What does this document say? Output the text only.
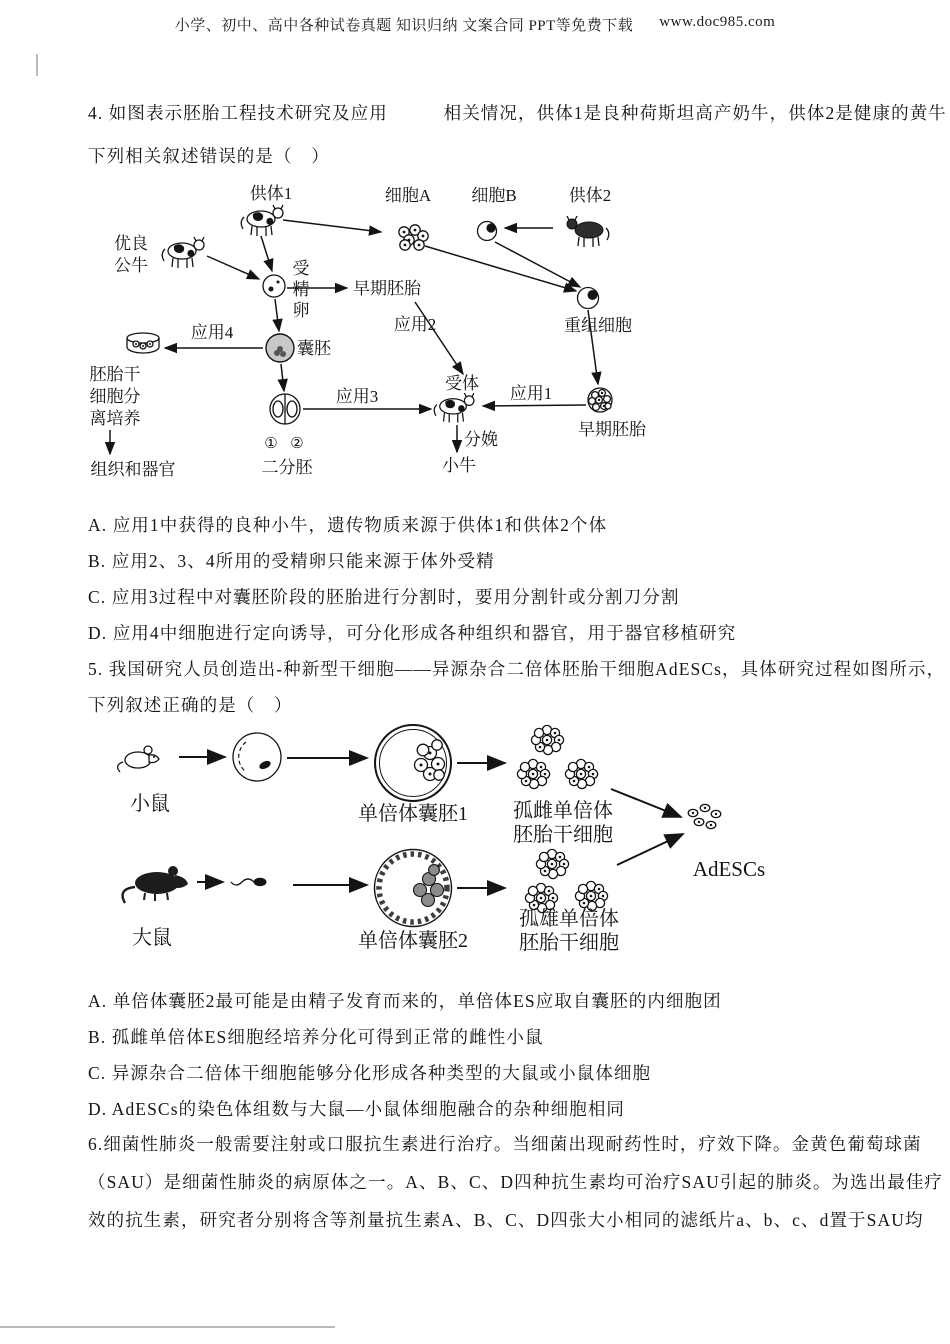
小学、初中、高中各种试卷真题 知识归纳 文案合同 PPT等免费下载 www.doc985.com
4. 如图表示胚胎工程技术研究及应用　　　相关情况，供体1是良种荷斯坦高产奶牛，供体2是健康的黄牛
下列相关叙述错误的是（　）
供体1	细胞A 细胞B	供体2
优良
公牛	受
精
卵
早期胚胎
应用2	重组细胞
应用4
囊胚
胚胎干
细胞分
离培养
组织和器官
应用3
受体
应用1
早期胚胎
① ②
二分胚
分娩
小牛
A. 应用1中获得的良种小牛，遗传物质来源于供体1和供体2个体
B. 应用2、3、4所用的受精卵只能来源于体外受精
C. 应用3过程中对囊胚阶段的胚胎进行分割时，要用分割针或分割刀分割
D. 应用4中细胞进行定向诱导，可分化形成各种组织和器官，用于器官移植研究
5. 我国研究人员创造出-种新型干细胞——异源杂合二倍体胚胎干细胞AdESCs，具体研究过程如图所示，
下列叙述正确的是（　）
小鼠	单倍体囊胚1 孤雌单倍体
胚胎干细胞
AdESCs
大鼠	单倍体囊胚2
孤雄单倍体
胚胎干细胞
A. 单倍体囊胚2最可能是由精子发育而来的，单倍体ES应取自囊胚的内细胞团
B. 孤雌单倍体ES细胞经培养分化可得到正常的雌性小鼠
C. 异源杂合二倍体干细胞能够分化形成各种类型的大鼠或小鼠体细胞
D. AdESCs的染色体组数与大鼠—小鼠体细胞融合的杂种细胞相同
6.细菌性肺炎一般需要注射或口服抗生素进行治疗。当细菌出现耐药性时，疗效下降。金黄色葡萄球菌
（SAU）是细菌性肺炎的病原体之一。A、B、C、D四种抗生素均可治疗SAU引起的肺炎。为选出最佳疗
效的抗生素，研究者分别将含等剂量抗生素A、B、C、D四张大小相同的滤纸片a、b、c、d置于SAU均
